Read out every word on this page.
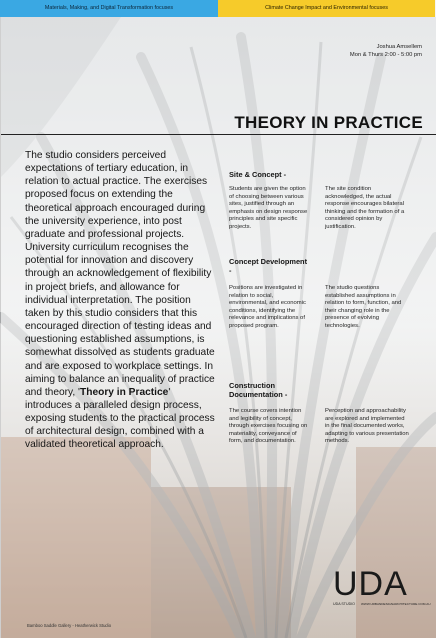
Materials, Making, and Digital Transformation focuses	Climate Change Impact and Environmental focuses
Joshua Amsellem
Mon & Thurs 2:00 - 5:00 pm
THEORY IN PRACTICE
The studio considers perceived expectations of tertiary education, in relation to actual practice. The exercises proposed focus on extending the theoretical approach encouraged during the university experience, into post graduate and professional projects. University curriculum recognises the potential for innovation and discovery through an acknowledgement of flexibility in project briefs, and allowance for individual interpretation. The position taken by this studio considers that this encouraged direction of testing ideas and questioning established assumptions, is somewhat dissolved as students graduate and are exposed to workplace settings. In aiming to balance an inequality of practice and theory, 'Theory in Practice' introduces a paralleled design process, exposing students to the practical process of architectural design, combined with a validated theoretical approach.
Site & Concept -
Students are given the option of choosing between various sites, justified through an emphasis on design response principles and site specific projects.
The site condition acknowledged, the actual response encourages bilateral thinking and the formation of a considered opinion by justification.
Concept Development -
Positions are investigated in relation to social, environmental, and economic conditions, identifying the relevance and implications of proposed program.
The studio questions established assumptions in relation to form, function, and their changing role in the presence of evolving technologies.
Construction Documentation -
The course covers intention and legibility of concept, through exercises focusing on materiality, conveyance of form, and documentation.
Perception and approachability are explored and implemented in the final documented works, adapting to various presentation methods.
UDA
UDA STUDIO WWW.URBANDESIGNARCHITECTURE.COM.AU
Bamboo Saddle Gallery - Heatherwick Studio
